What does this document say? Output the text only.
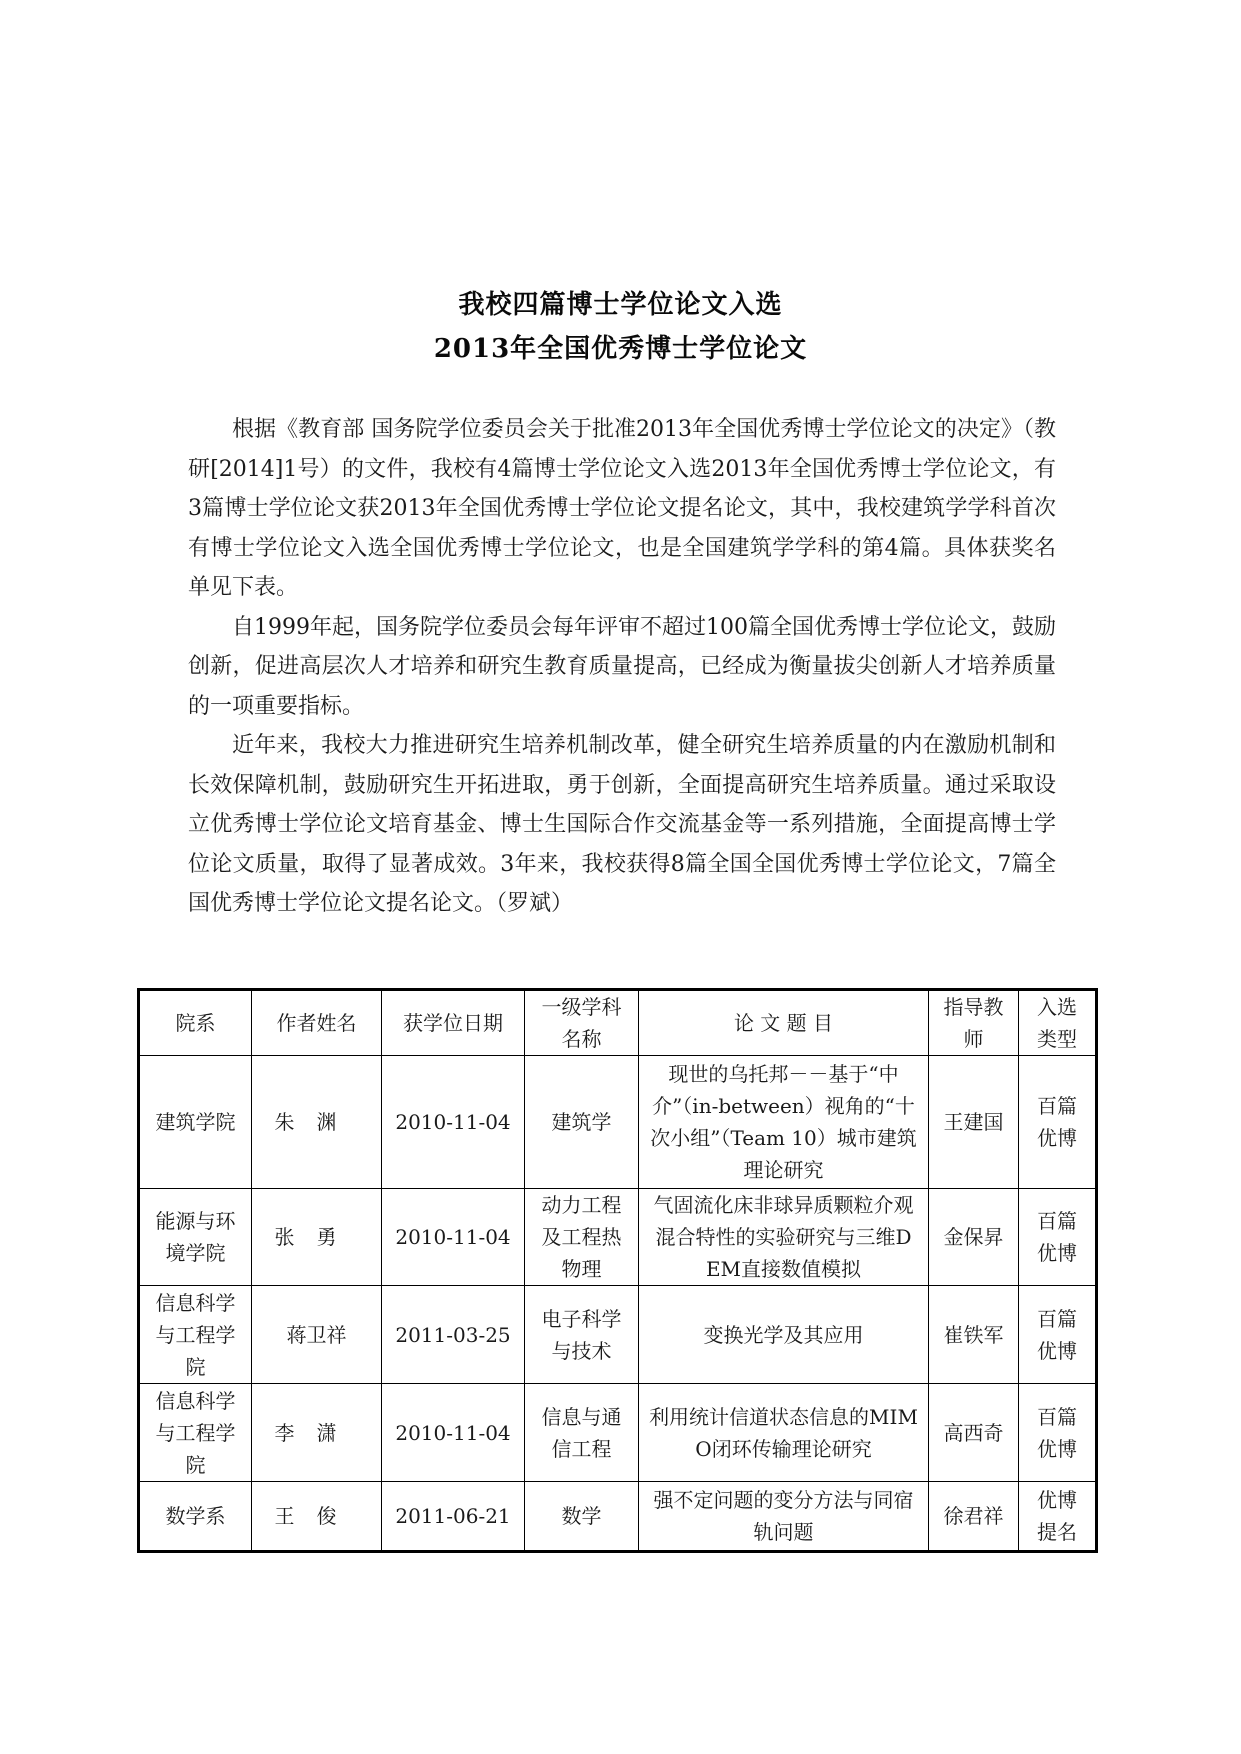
我校四篇博士学位论文入选
2013年全国优秀博士学位论文

根据《教育部 国务院学位委员会关于批准2013年全国优秀博士学位论文的决定》（教研[2014]1号）的文件，我校有4篇博士学位论文入选2013年全国优秀博士学位论文，有3篇博士学位论文获2013年全国优秀博士学位论文提名论文，其中，我校建筑学学科首次有博士学位论文入选全国优秀博士学位论文，也是全国建筑学学科的第4篇。具体获奖名单见下表。

自1999年起，国务院学位委员会每年评审不超过100篇全国优秀博士学位论文，鼓励创新，促进高层次人才培养和研究生教育质量提高，已经成为衡量拔尖创新人才培养质量的一项重要指标。

近年来，我校大力推进研究生培养机制改革，健全研究生培养质量的内在激励机制和长效保障机制，鼓励研究生开拓进取，勇于创新，全面提高研究生培养质量。通过采取设立优秀博士学位论文培育基金、博士生国际合作交流基金等一系列措施，全面提高博士学位论文质量，取得了显著成效。3年来，我校获得8篇全国全国优秀博士学位论文，7篇全国优秀博士学位论文提名论文。（罗斌）

院系	作者姓名	获学位日期	一级学科名称	论 文 题 目	指导教师	入选类型
建筑学院	朱渊	2010-11-04	建筑学	现世的乌托邦－－基于“中介”（in-between）视角的“十次小组”（Team 10）城市建筑理论研究	王建国	百篇优博
能源与环境学院	张勇	2010-11-04	动力工程及工程热物理	气固流化床非球异质颗粒介观混合特性的实验研究与三维DEM直接数值模拟	金保昇	百篇优博
信息科学与工程学院	蒋卫祥	2011-03-25	电子科学与技术	变换光学及其应用	崔铁军	百篇优博
信息科学与工程学院	李潇	2010-11-04	信息与通信工程	利用统计信道状态信息的MIMO闭环传输理论研究	高西奇	百篇优博
数学系	王俊	2011-06-21	数学	强不定问题的变分方法与同宿轨问题	徐君祥	优博提名
